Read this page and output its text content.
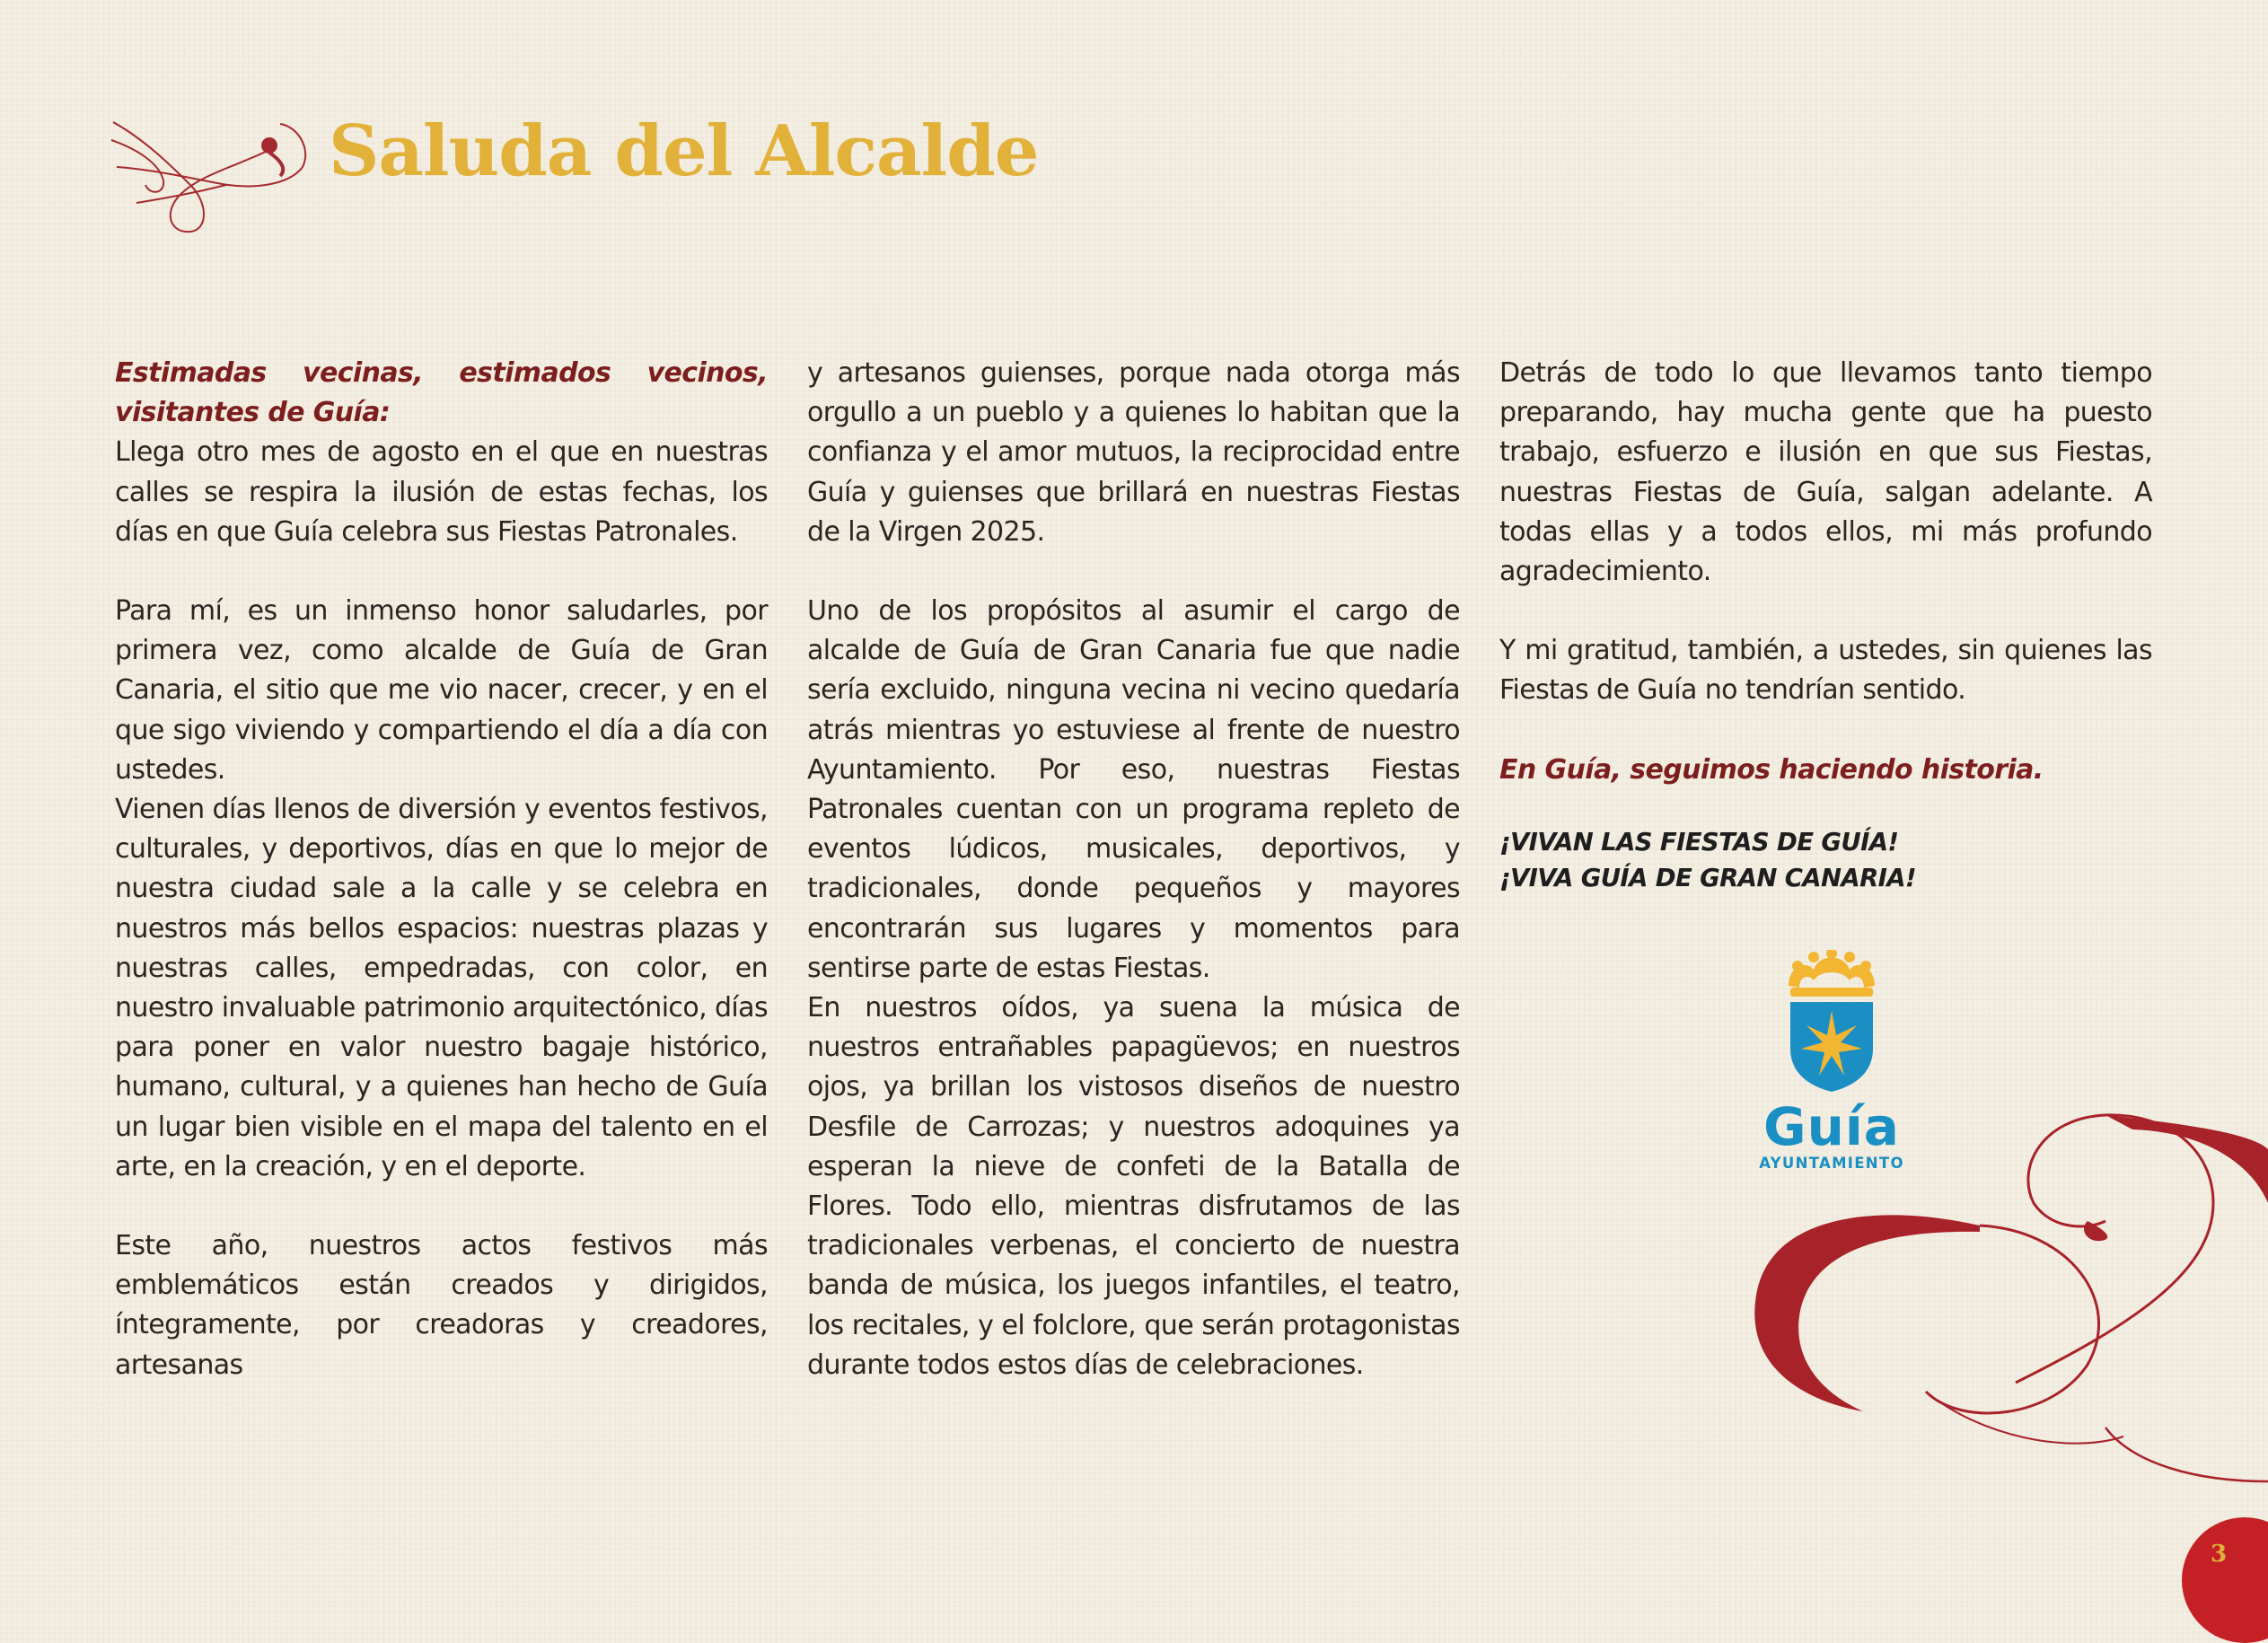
Saluda del Alcalde

Estimadas vecinas, estimados vecinos, visitantes de Guía:

Llega otro mes de agosto en el que en nuestras calles se respira la ilusión de estas fechas, los días en que Guía celebra sus Fiestas Patronales.

Para mí, es un inmenso honor saludarles, por primera vez, como alcalde de Guía de Gran Canaria, el sitio que me vio nacer, crecer, y en el que sigo viviendo y compartiendo el día a día con ustedes.

Vienen días llenos de diversión y eventos festivos, culturales, y deportivos, días en que lo mejor de nuestra ciudad sale a la calle y se celebra en nuestros más bellos espacios: nuestras plazas y nuestras calles, empedradas, con color, en nuestro invaluable patrimonio arquitectónico, días para poner en valor nuestro bagaje histórico, humano, cultural, y a quienes han hecho de Guía un lugar bien visible en el mapa del talento en el arte, en la creación, y en el deporte.

Este año, nuestros actos festivos más emblemáticos están creados y dirigidos, íntegramente, por creadoras y creadores, artesanas

y artesanos guienses, porque nada otorga más orgullo a un pueblo y a quienes lo habitan que la confianza y el amor mutuos, la reciprocidad entre Guía y guienses que brillará en nuestras Fiestas de la Virgen 2025.

Uno de los propósitos al asumir el cargo de alcalde de Guía de Gran Canaria fue que nadie sería excluido, ninguna vecina ni vecino quedaría atrás mientras yo estuviese al frente de nuestro Ayuntamiento. Por eso, nuestras Fiestas Patronales cuentan con un programa repleto de eventos lúdicos, musicales, deportivos, y tradicionales, donde pequeños y mayores encontrarán sus lugares y momentos para sentirse parte de estas Fiestas.

En nuestros oídos, ya suena la música de nuestros entrañables papagüevos; en nuestros ojos, ya brillan los vistosos diseños de nuestro Desfile de Carrozas; y nuestros adoquines ya esperan la nieve de confeti de la Batalla de Flores. Todo ello, mientras disfrutamos de las tradicionales verbenas, el concierto de nuestra banda de música, los juegos infantiles, el teatro, los recitales, y el folclore, que serán protagonistas durante todos estos días de celebraciones.

Detrás de todo lo que llevamos tanto tiempo preparando, hay mucha gente que ha puesto trabajo, esfuerzo e ilusión en que sus Fiestas, nuestras Fiestas de Guía, salgan adelante. A todas ellas y a todos ellos, mi más profundo agradecimiento.

Y mi gratitud, también, a ustedes, sin quienes las Fiestas de Guía no tendrían sentido.

En Guía, seguimos haciendo historia.

¡VIVAN LAS FIESTAS DE GUÍA!
¡VIVA GUÍA DE GRAN CANARIA!

Guía
AYUNTAMIENTO
3
